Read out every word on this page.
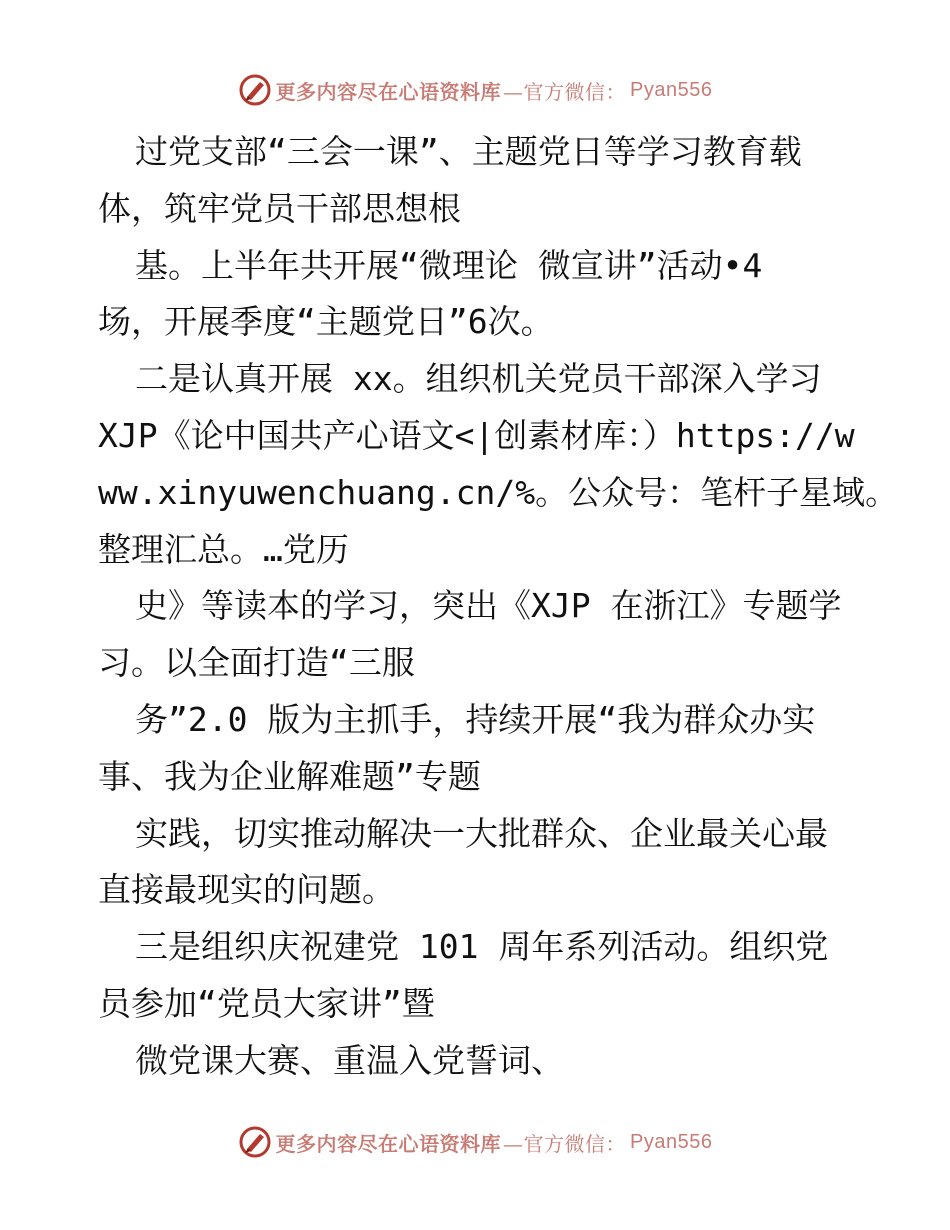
更多内容尽在心语资料库 —官方微信： Pyan556

过党支部“三会一课”、主题党日等学习教育载

体，筑牢党员干部思想根

基。上半年共开展“微理论 微宣讲”活动•4

场，开展季度“主题党日”6次。

二是认真开展 xx。组织机关党员干部深入学习

XJP《论中国共产心语文<|创素材库：）https://w

ww.xinyuwenchuang.cn/%。公众号：笔杆子星域。

整理汇总。…党历

史》等读本的学习，突出《XJP 在浙江》专题学

习。以全面打造“三服

务”2.0 版为主抓手，持续开展“我为群众办实

事、我为企业解难题”专题

实践，切实推动解决一大批群众、企业最关心最

直接最现实的问题。

三是组织庆祝建党 101 周年系列活动。组织党

员参加“党员大家讲”暨

微党课大赛、重温入党誓词、

更多内容尽在心语资料库 —官方微信： Pyan556
